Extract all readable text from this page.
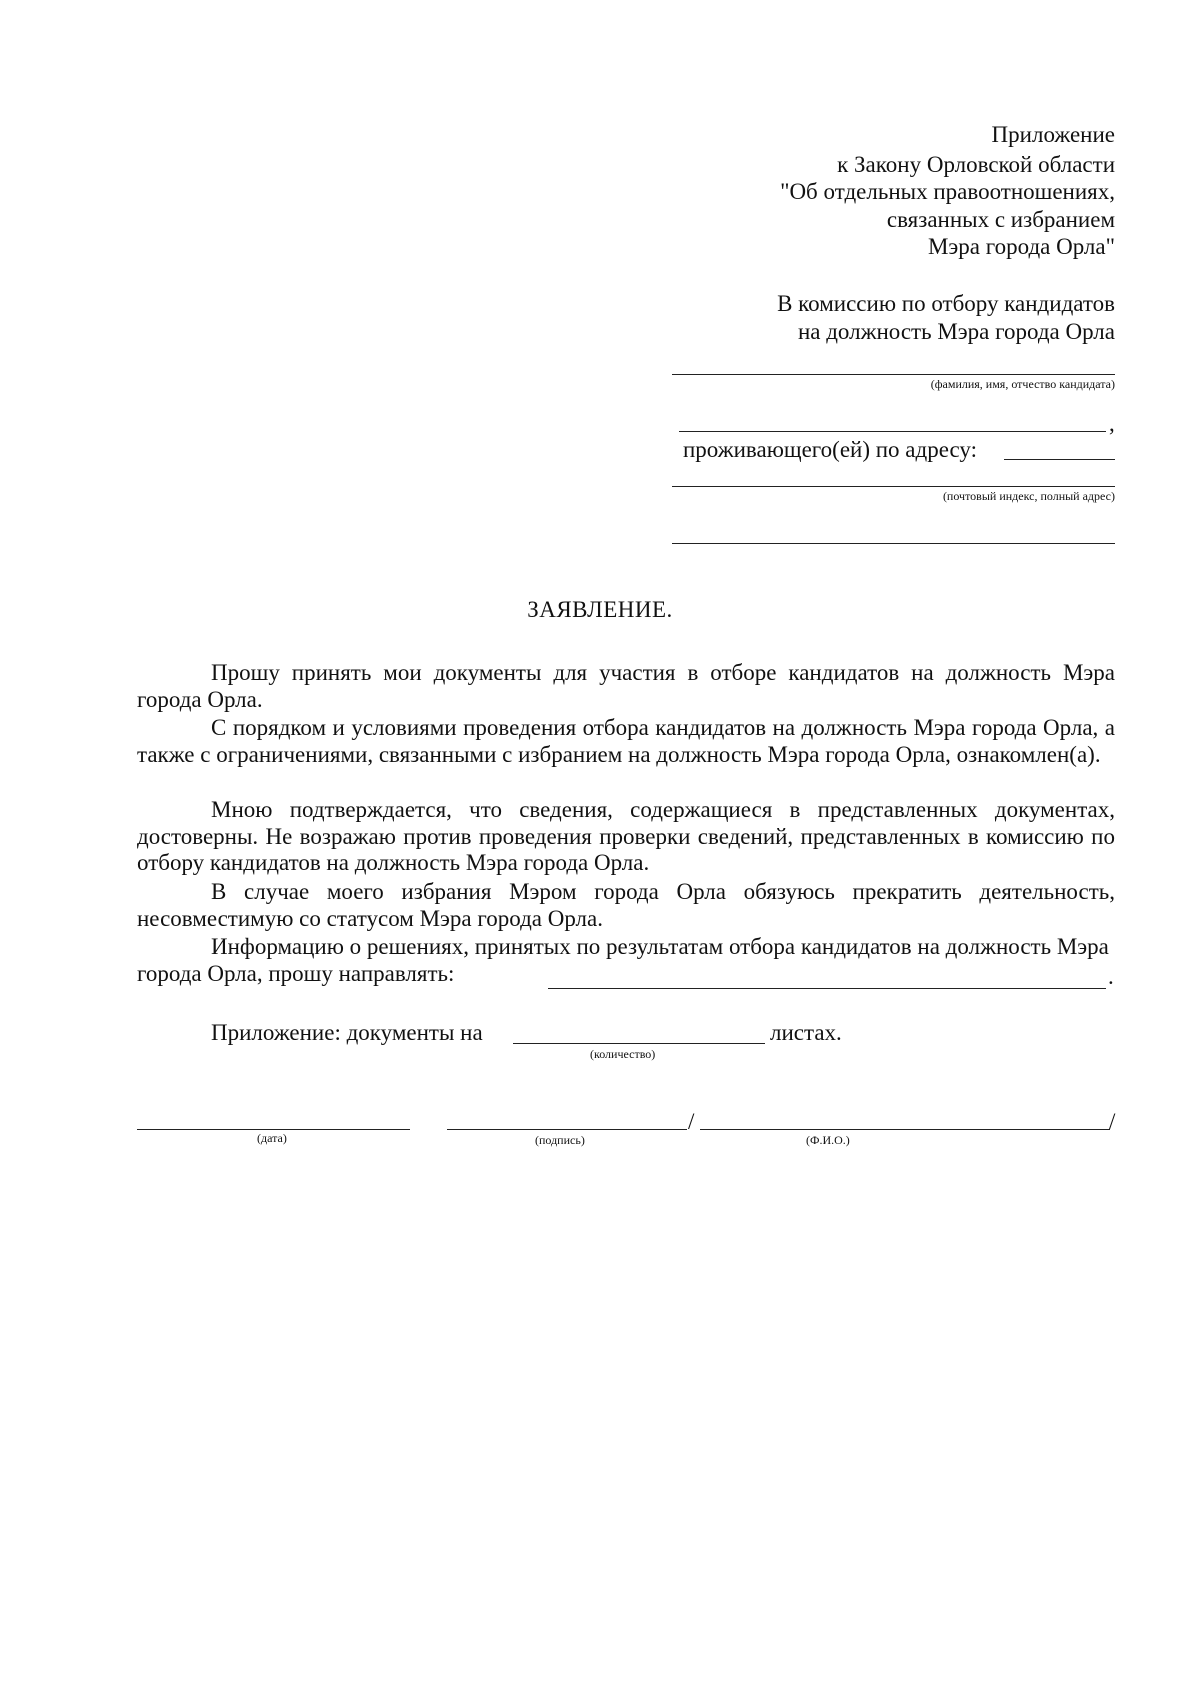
Приложение
к Закону Орловской области
"Об отдельных правоотношениях,
связанных с избранием
Мэра города Орла"
В комиссию по отбору кандидатов
на должность Мэра города Орла
(фамилия, имя, отчество кандидата)
,
проживающего(ей) по адресу:
(почтовый индекс, полный адрес)
ЗАЯВЛЕНИЕ.
Прошу принять мои документы для участия в отборе кандидатов на должность Мэра города Орла.
С порядком и условиями проведения отбора кандидатов на должность Мэра города Орла, а также с ограничениями, связанными с избранием на должность Мэра города Орла, ознакомлен(а).
Мною подтверждается, что сведения, содержащиеся в представленных документах, достоверны. Не возражаю против проведения проверки сведений, представленных в комиссию по отбору кандидатов на должность Мэра города Орла.
В случае моего избрания Мэром города Орла обязуюсь прекратить деятельность, несовместимую со статусом Мэра города Орла.
Информацию о решениях, принятых по результатам отбора кандидатов на должность Мэра города Орла, прошу направлять:	.
Приложение: документы на	листах.
(количество)
(дата)
/
(подпись)
/
(Ф.И.О.)
